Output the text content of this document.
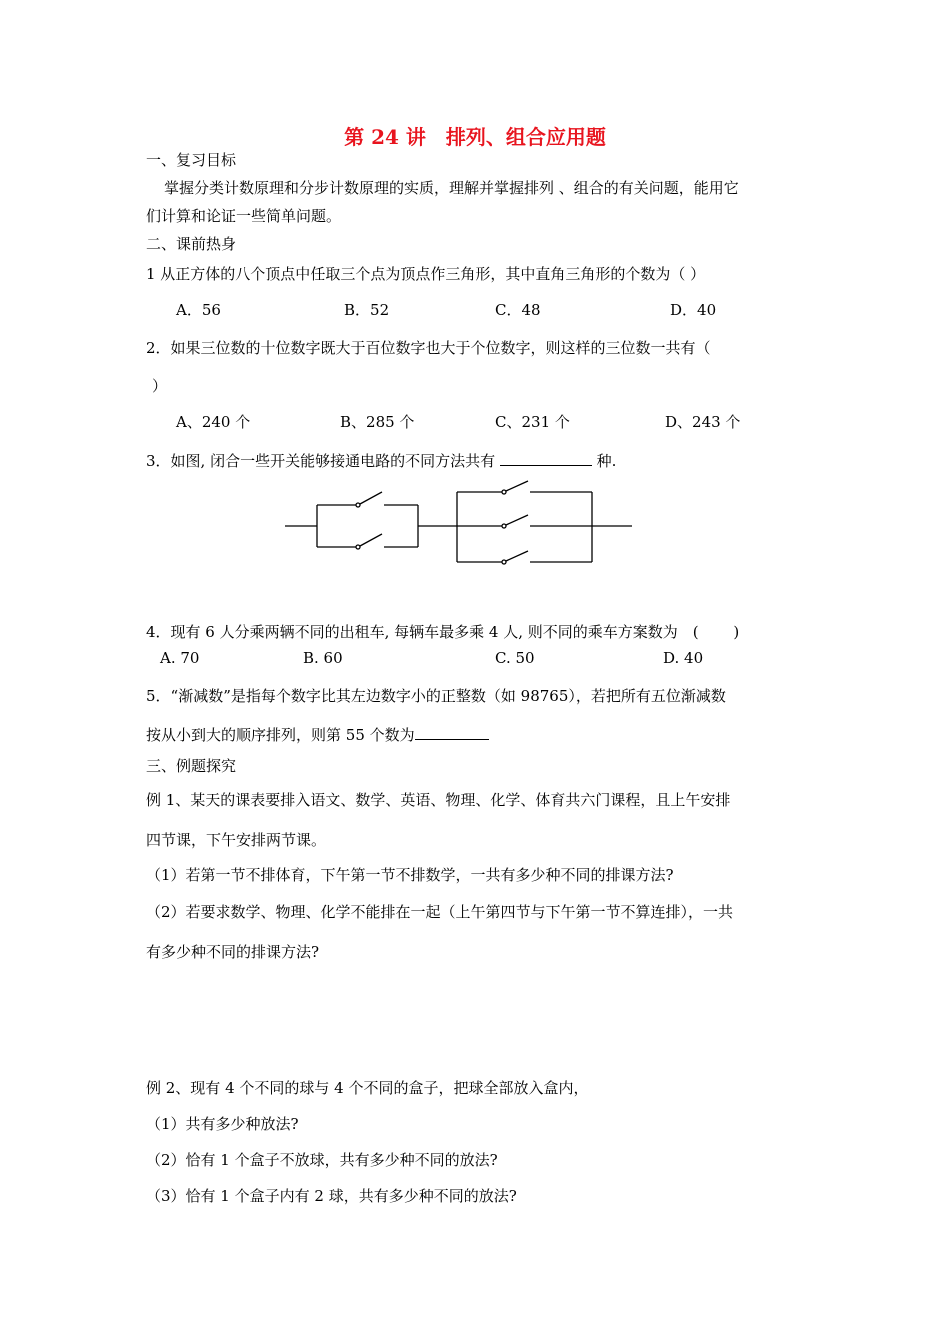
第 24 讲　排列、组合应用题
一、复习目标
掌握分类计数原理和分步计数原理的实质，理解并掌握排列 、组合的有关问题，能用它
们计算和论证一些简单问题。
二、课前热身
1 从正方体的八个顶点中任取三个点为顶点作三角形，其中直角三角形的个数为（ ）
A．56	B．52	C．48	D．40
2．如果三位数的十位数字既大于百位数字也大于个位数字，则这样的三位数一共有（
）
A、240 个	B、285 个	C、231 个	D、243 个
3．如图, 闭合一些开关能够接通电路的不同方法共有	种.
4．现有 6 人分乘两辆不同的出租车, 每辆车最多乘 4 人, 则不同的乘车方案数为　(　　 )
A. 70	B. 60	C. 50	D. 40
5．“渐减数”是指每个数字比其左边数字小的正整数（如 98765），若把所有五位渐减数
按从小到大的顺序排列，则第 55 个数为
三、例题探究
例 1、某天的课表要排入语文、数学、英语、物理、化学、体育共六门课程，且上午安排
四节课，下午安排两节课。
（1）若第一节不排体育，下午第一节不排数学，一共有多少种不同的排课方法?
（2）若要求数学、物理、化学不能排在一起（上午第四节与下午第一节不算连排），一共
有多少种不同的排课方法?
例 2、现有 4 个不同的球与 4 个不同的盒子，把球全部放入盒内，
（1）共有多少种放法?
（2）恰有 1 个盒子不放球，共有多少种不同的放法?
（3）恰有 1 个盒子内有 2 球，共有多少种不同的放法?
